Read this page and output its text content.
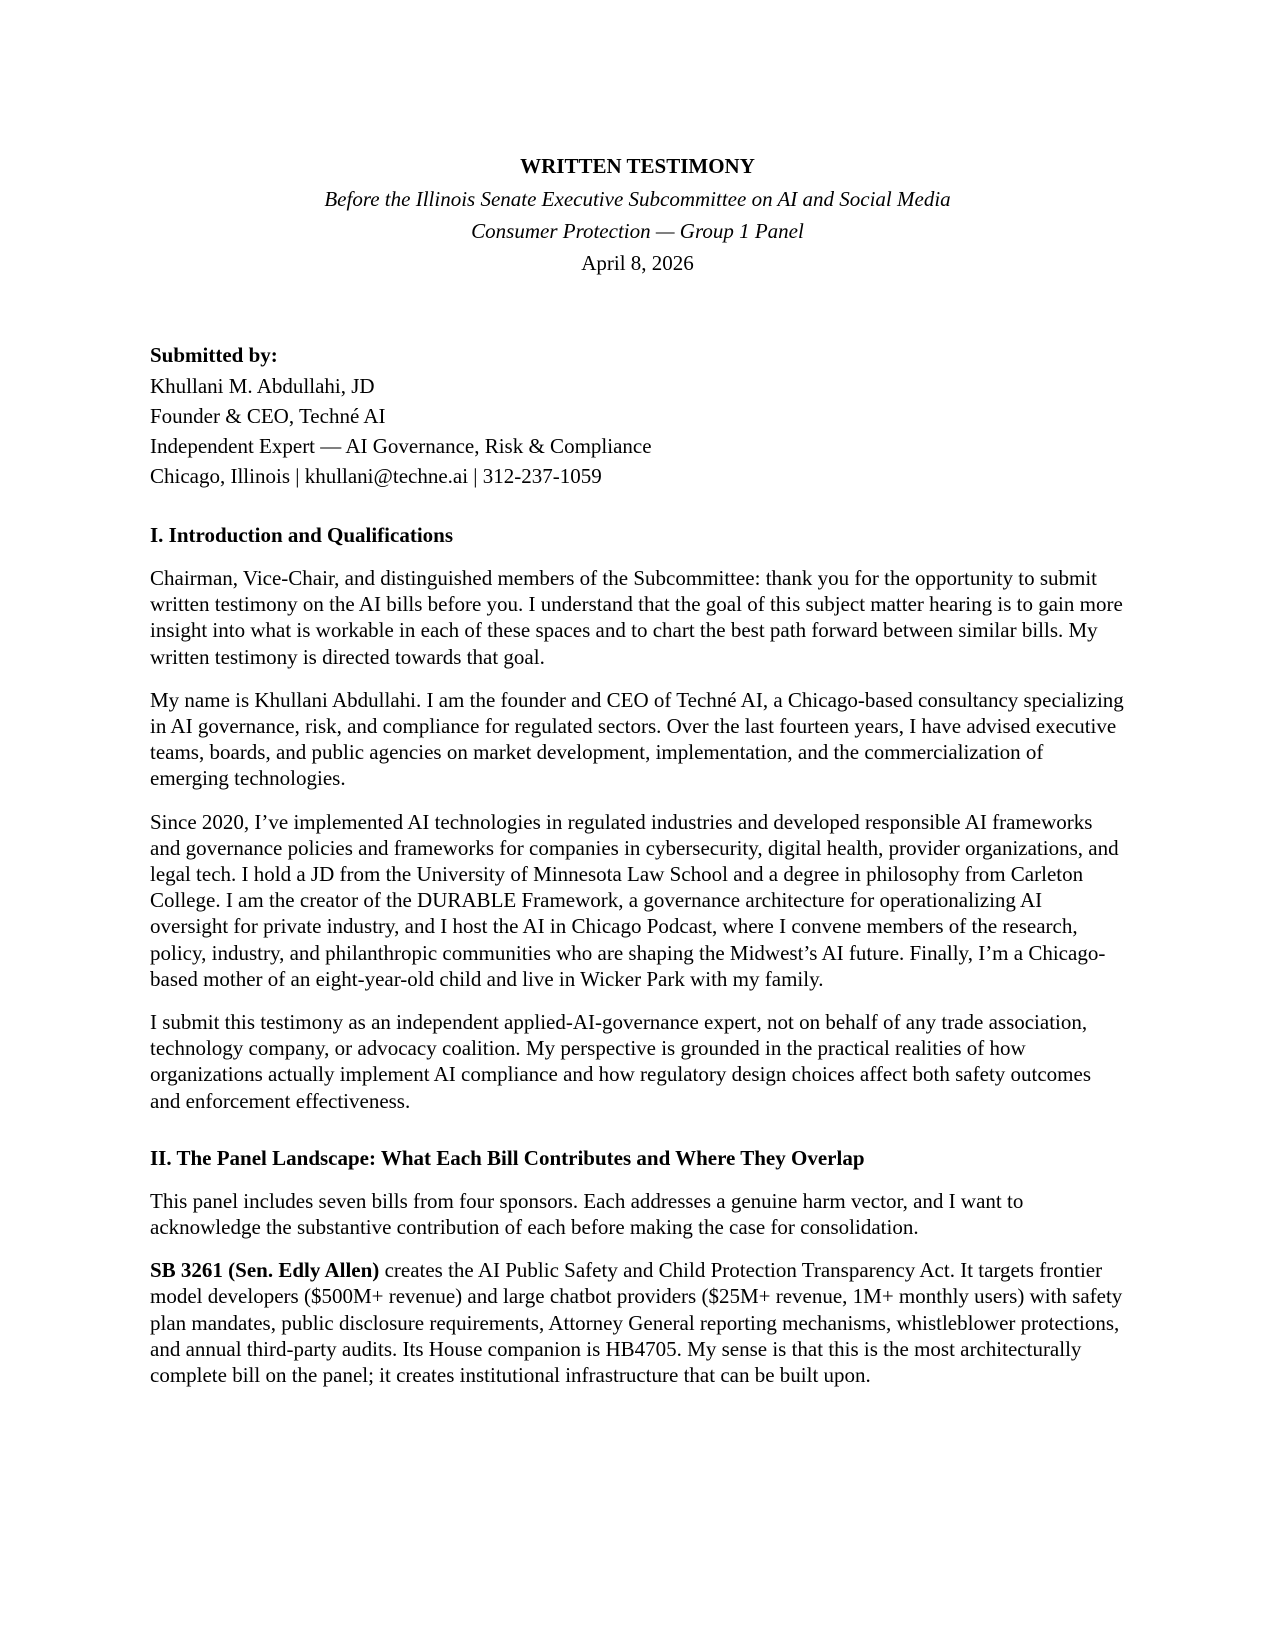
WRITTEN TESTIMONY

Before the Illinois Senate Executive Subcommittee on AI and Social Media

Consumer Protection — Group 1 Panel

April 8, 2026

Submitted by:

Khullani M. Abdullahi, JD

Founder & CEO, Techné AI

Independent Expert — AI Governance, Risk & Compliance

Chicago, Illinois | khullani@techne.ai | 312-237-1059

I. Introduction and Qualifications

Chairman, Vice-Chair, and distinguished members of the Subcommittee: thank you for the opportunity to submit written testimony on the AI bills before you. I understand that the goal of this subject matter hearing is to gain more insight into what is workable in each of these spaces and to chart the best path forward between similar bills. My written testimony is directed towards that goal.

My name is Khullani Abdullahi. I am the founder and CEO of Techné AI, a Chicago-based consultancy specializing in AI governance, risk, and compliance for regulated sectors. Over the last fourteen years, I have advised executive teams, boards, and public agencies on market development, implementation, and the commercialization of emerging technologies.

Since 2020, I’ve implemented AI technologies in regulated industries and developed responsible AI frameworks and governance policies and frameworks for companies in cybersecurity, digital health, provider organizations, and legal tech. I hold a JD from the University of Minnesota Law School and a degree in philosophy from Carleton College. I am the creator of the DURABLE Framework, a governance architecture for operationalizing AI oversight for private industry, and I host the AI in Chicago Podcast, where I convene members of the research, policy, industry, and philanthropic communities who are shaping the Midwest’s AI future. Finally, I’m a Chicago-based mother of an eight-year-old child and live in Wicker Park with my family.

I submit this testimony as an independent applied-AI-governance expert, not on behalf of any trade association, technology company, or advocacy coalition. My perspective is grounded in the practical realities of how organizations actually implement AI compliance and how regulatory design choices affect both safety outcomes and enforcement effectiveness.

II. The Panel Landscape: What Each Bill Contributes and Where They Overlap

This panel includes seven bills from four sponsors. Each addresses a genuine harm vector, and I want to acknowledge the substantive contribution of each before making the case for consolidation.

SB 3261 (Sen. Edly Allen) creates the AI Public Safety and Child Protection Transparency Act. It targets frontier model developers ($500M+ revenue) and large chatbot providers ($25M+ revenue, 1M+ monthly users) with safety plan mandates, public disclosure requirements, Attorney General reporting mechanisms, whistleblower protections, and annual third-party audits. Its House companion is HB4705. My sense is that this is the most architecturally complete bill on the panel; it creates institutional infrastructure that can be built upon.
